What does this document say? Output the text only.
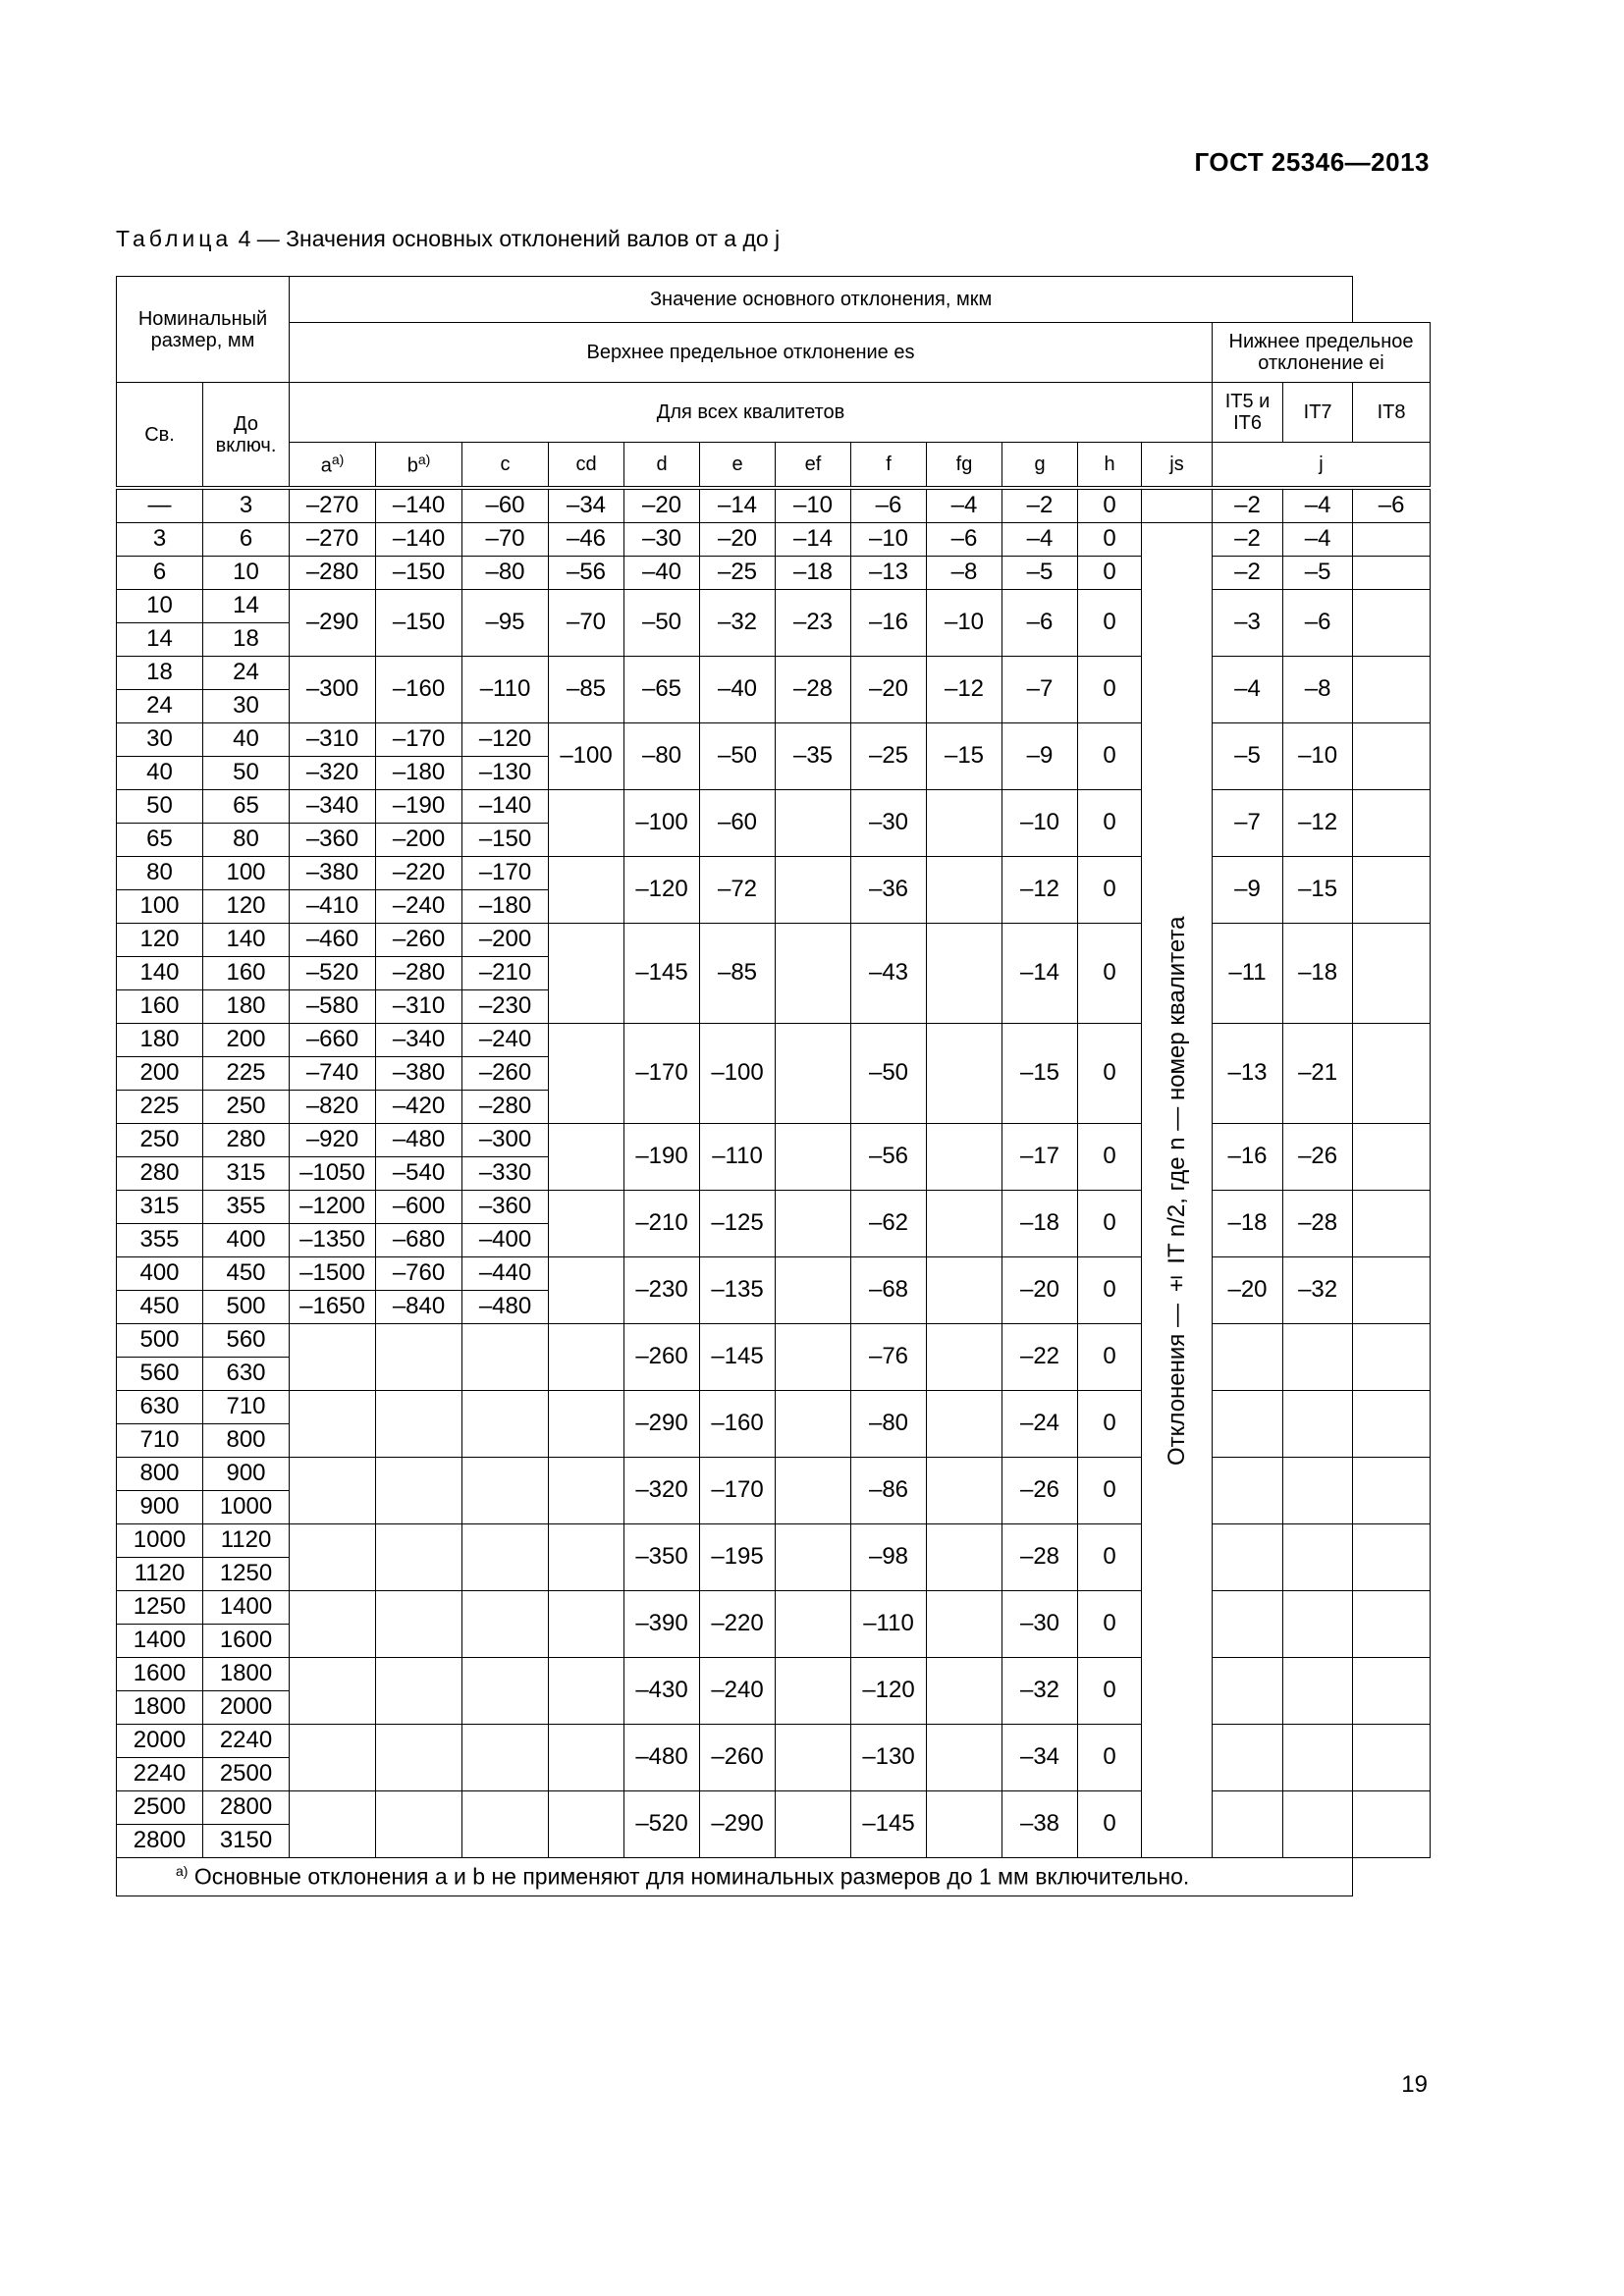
ГОСТ 25346—2013
Таблица 4 — Значения основных отклонений валов от a до j
Номинальный размер, мм		Значение основного отклонения, мкм														
		Верхнее предельное отклонение es												Нижнее предельное отклонение ei		
Св.	До включ.	Для всех квалитетов												IT5 и IT6	IT7	IT8
		$a^{а)}$	$b^{а)}$	c	cd	d	e	ef	f	fg	g	h	js	j		
—	3	–270	–140	–60	–34	–20	–14	–10	–6	–4	–2	0		–2	–4	–6
3	6	–270	–140	–70	–46	–30	–20	–14	–10	–6	–4	0	Отклонения — ± IT n/2, где n — номер квалитета	–2	–4	
6	10	–280	–150	–80	–56	–40	–25	–18	–13	–8	–5	0		–2	–5	
10	14	–290	–150	–95	–70	–50	–32	–23	–16	–10	–6	0		–3	–6	
14	18															
18	24	–300	–160	–110	–85	–65	–40	–28	–20	–12	–7	0		–4	–8	
24	30															
30	40	–310	–170	–120	–100	–80	–50	–35	–25	–15	–9	0		–5	–10	
40	50	–320	–180	–130												
50	65	–340	–190	–140		–100	–60		–30		–10	0		–7	–12	
65	80	–360	–200	–150												
80	100	–380	–220	–170		–120	–72		–36		–12	0		–9	–15	
100	120	–410	–240	–180												
120	140	–460	–260	–200		–145	–85		–43		–14	0		–11	–18	
140	160	–520	–280	–210												
160	180	–580	–310	–230												
180	200	–660	–340	–240		–170	–100		–50		–15	0		–13	–21	
200	225	–740	–380	–260												
225	250	–820	–420	–280												
250	280	–920	–480	–300		–190	–110		–56		–17	0		–16	–26	
280	315	–1050	–540	–330												
315	355	–1200	–600	–360		–210	–125		–62		–18	0		–18	–28	
355	400	–1350	–680	–400												
400	450	–1500	–760	–440		–230	–135		–68		–20	0		–20	–32	
450	500	–1650	–840	–480												
500	560					–260	–145		–76		–22	0				
560	630															
630	710					–290	–160		–80		–24	0				
710	800															
800	900					–320	–170		–86		–26	0				
900	1000															
1000	1120					–350	–195		–98		–28	0				
1120	1250															
1250	1400					–390	–220		–110		–30	0				
1400	1600															
1600	1800					–430	–240		–120		–32	0				
1800	2000															
2000	2240					–480	–260		–130		–34	0				
2240	2500															
2500	2800					–520	–290		–145		–38	0				
2800	3150															
$^{а)}$ Основные отклонения a и b не применяют для номинальных размеров до 1 мм включительно.																
19
